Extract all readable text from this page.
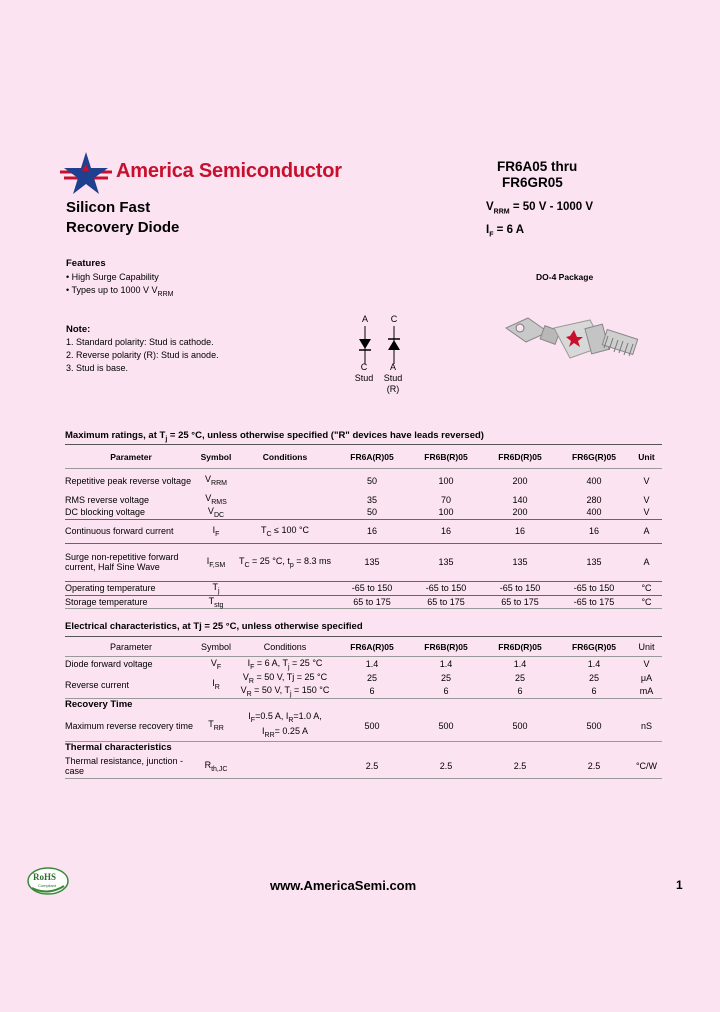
America Semiconductor	FR6A05 thru
FR6GR05
Silicon Fast
Recovery Diode
$V_{RRM} = 50$ V - 1000 V
$I_F = 6$ A
Features
• High Surge Capability
• Types up to 1000 V $V_{RRM}$
DO-4 Package
Note:
1. Standard polarity: Stud is cathode.
2. Reverse polarity (R): Stud is anode.
3. Stud is base.
A	C
C
Stud
A
Stud
(R)
Maximum ratings, at $T_j = 25$ °C, unless otherwise specified ("R" devices have leads reversed)
Parameter	Symbol	Conditions	FR6A(R)05	FR6B(R)05	FR6D(R)05	FR6G(R)05	Unit
Repetitive peak reverse voltage	$V_{RRM}$		50	100	200	400	V
RMS reverse voltage	$V_{RMS}$		35	70	140	280	V
DC blocking voltage	$V_{DC}$		50	100	200	400	V
Continuous forward current	$I_F$	$T_C \le 100$ °C	16	16	16	16	A
Surge non-repetitive forward current, Half Sine Wave	$I_{F,SM}$	$T_C = 25$ °C, $t_p = 8.3$ ms	135	135	135	135	A
Operating temperature	$T_j$		-65 to 150	-65 to 150	-65 to 150	-65 to 150	°C
Storage temperature	$T_{stg}$		65 to 175	65 to 175	65 to 175	-65 to 175	°C
Electrical characteristics, at Tj = 25 °C, unless otherwise specified
Parameter	Symbol	Conditions	FR6A(R)05	FR6B(R)05	FR6D(R)05	FR6G(R)05	Unit
Diode forward voltage	$V_F$	$I_F = 6$ A, $T_j = 25$ °C	1.4	1.4	1.4	1.4	V
Reverse current	$I_R$	$V_R = 50$ V, Tj = 25 °C	25	25	25	25	μA
		$V_R = 50$ V, $T_j = 150$ °C	6	6	6	6	mA
Recovery Time							
Maximum reverse recovery time	$T_{RR}$	$I_F=0.5$ A, $I_R=1.0$ A,
$I_{RR}= 0.25$ A	500	500	500	500	nS
Thermal characteristics							
Thermal resistance, junction - case	$R_{th,JC}$		2.5	2.5	2.5	2.5	°C/W
RoHS
Compliant	www.AmericaSemi.com	1
